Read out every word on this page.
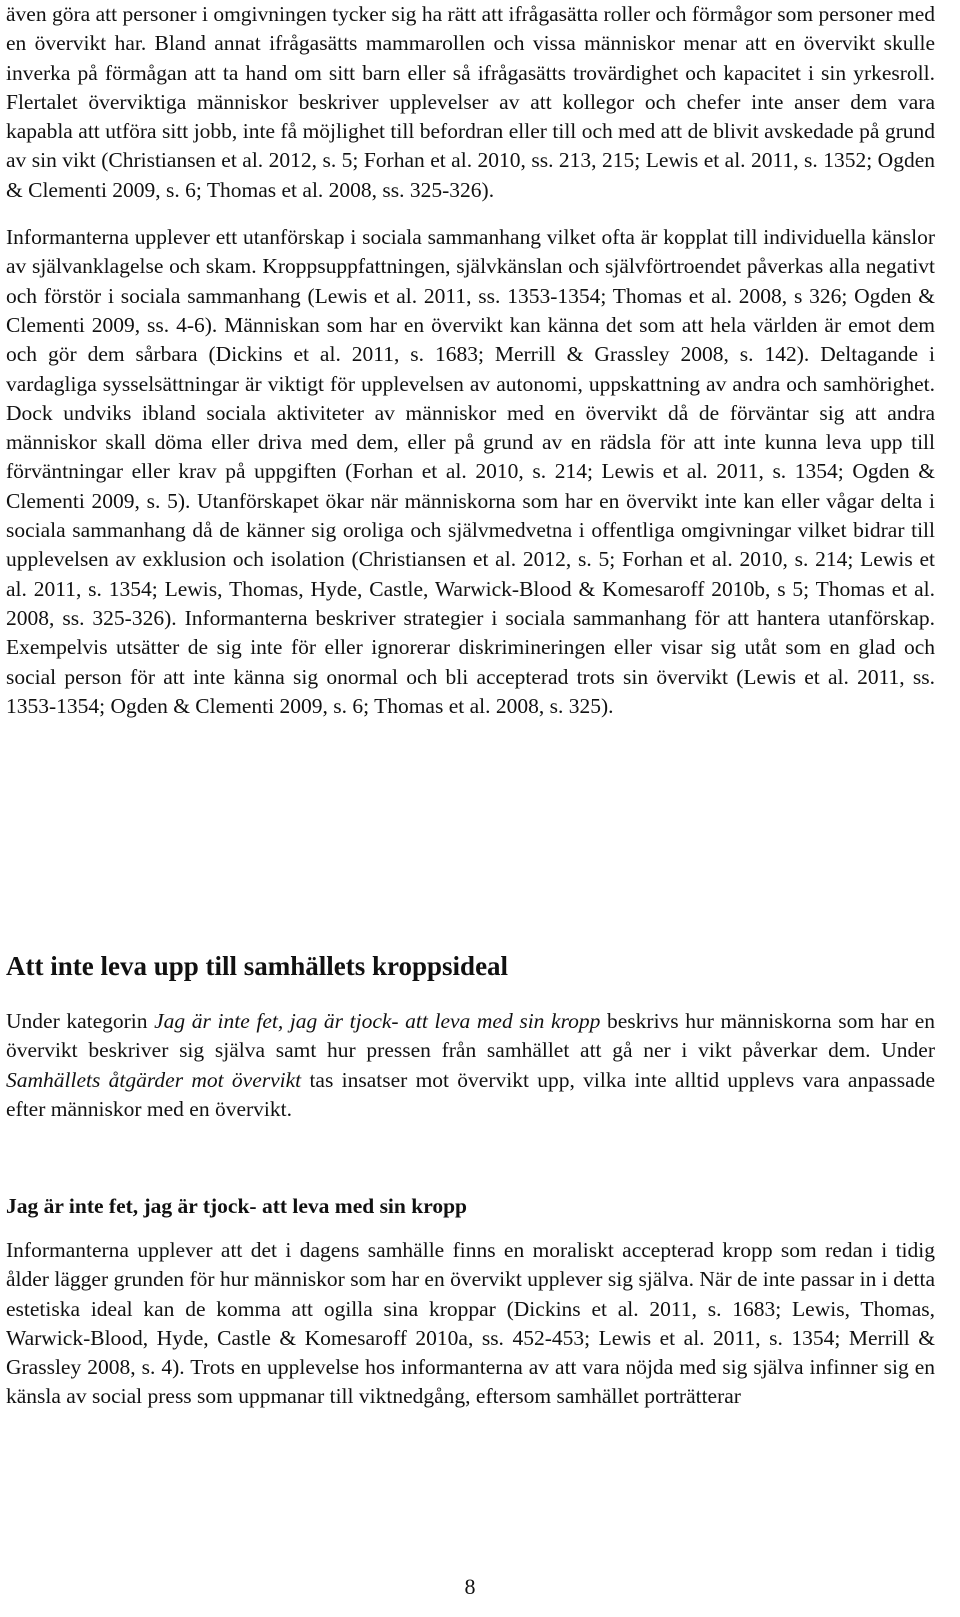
även göra att personer i omgivningen tycker sig ha rätt att ifrågasätta roller och förmågor som personer med en övervikt har. Bland annat ifrågasätts mammarollen och vissa människor menar att en övervikt skulle inverka på förmågan att ta hand om sitt barn eller så ifrågasätts trovärdighet och kapacitet i sin yrkesroll. Flertalet överviktiga människor beskriver upplevelser av att kollegor och chefer inte anser dem vara kapabla att utföra sitt jobb, inte få möjlighet till befordran eller till och med att de blivit avskedade på grund av sin vikt (Christiansen et al. 2012, s. 5; Forhan et al. 2010, ss. 213, 215; Lewis et al. 2011, s. 1352; Ogden & Clementi 2009, s. 6; Thomas et al. 2008, ss. 325-326).

Informanterna upplever ett utanförskap i sociala sammanhang vilket ofta är kopplat till individuella känslor av självanklagelse och skam. Kroppsuppfattningen, självkänslan och självförtroendet påverkas alla negativt och förstör i sociala sammanhang (Lewis et al. 2011, ss. 1353-1354; Thomas et al. 2008, s 326; Ogden & Clementi 2009, ss. 4-6). Människan som har en övervikt kan känna det som att hela världen är emot dem och gör dem sårbara (Dickins et al. 2011, s. 1683; Merrill & Grassley 2008, s. 142). Deltagande i vardagliga sysselsättningar är viktigt för upplevelsen av autonomi, uppskattning av andra och samhörighet. Dock undviks ibland sociala aktiviteter av människor med en övervikt då de förväntar sig att andra människor skall döma eller driva med dem, eller på grund av en rädsla för att inte kunna leva upp till förväntningar eller krav på uppgiften (Forhan et al. 2010, s. 214; Lewis et al. 2011, s. 1354; Ogden & Clementi 2009, s. 5). Utanförskapet ökar när människorna som har en övervikt inte kan eller vågar delta i sociala sammanhang då de känner sig oroliga och självmedvetna i offentliga omgivningar vilket bidrar till upplevelsen av exklusion och isolation (Christiansen et al. 2012, s. 5; Forhan et al. 2010, s. 214; Lewis et al. 2011, s. 1354; Lewis, Thomas, Hyde, Castle, Warwick-Blood & Komesaroff 2010b, s 5; Thomas et al. 2008, ss. 325-326). Informanterna beskriver strategier i sociala sammanhang för att hantera utanförskap. Exempelvis utsätter de sig inte för eller ignorerar diskrimineringen eller visar sig utåt som en glad och social person för att inte känna sig onormal och bli accepterad trots sin övervikt (Lewis et al. 2011, ss. 1353-1354; Ogden & Clementi 2009, s. 6; Thomas et al. 2008, s. 325).

Att inte leva upp till samhällets kroppsideal

Under kategorin Jag är inte fet, jag är tjock- att leva med sin kropp beskrivs hur människorna som har en övervikt beskriver sig själva samt hur pressen från samhället att gå ner i vikt påverkar dem. Under Samhällets åtgärder mot övervikt tas insatser mot övervikt upp, vilka inte alltid upplevs vara anpassade efter människor med en övervikt.

Jag är inte fet, jag är tjock- att leva med sin kropp

Informanterna upplever att det i dagens samhälle finns en moraliskt accepterad kropp som redan i tidig ålder lägger grunden för hur människor som har en övervikt upplever sig själva. När de inte passar in i detta estetiska ideal kan de komma att ogilla sina kroppar (Dickins et al. 2011, s. 1683; Lewis, Thomas, Warwick-Blood, Hyde, Castle & Komesaroff 2010a, ss. 452-453; Lewis et al. 2011, s. 1354; Merrill & Grassley 2008, s. 4). Trots en upplevelse hos informanterna av att vara nöjda med sig själva infinner sig en känsla av social press som uppmanar till viktnedgång, eftersom samhället porträtterar

8
